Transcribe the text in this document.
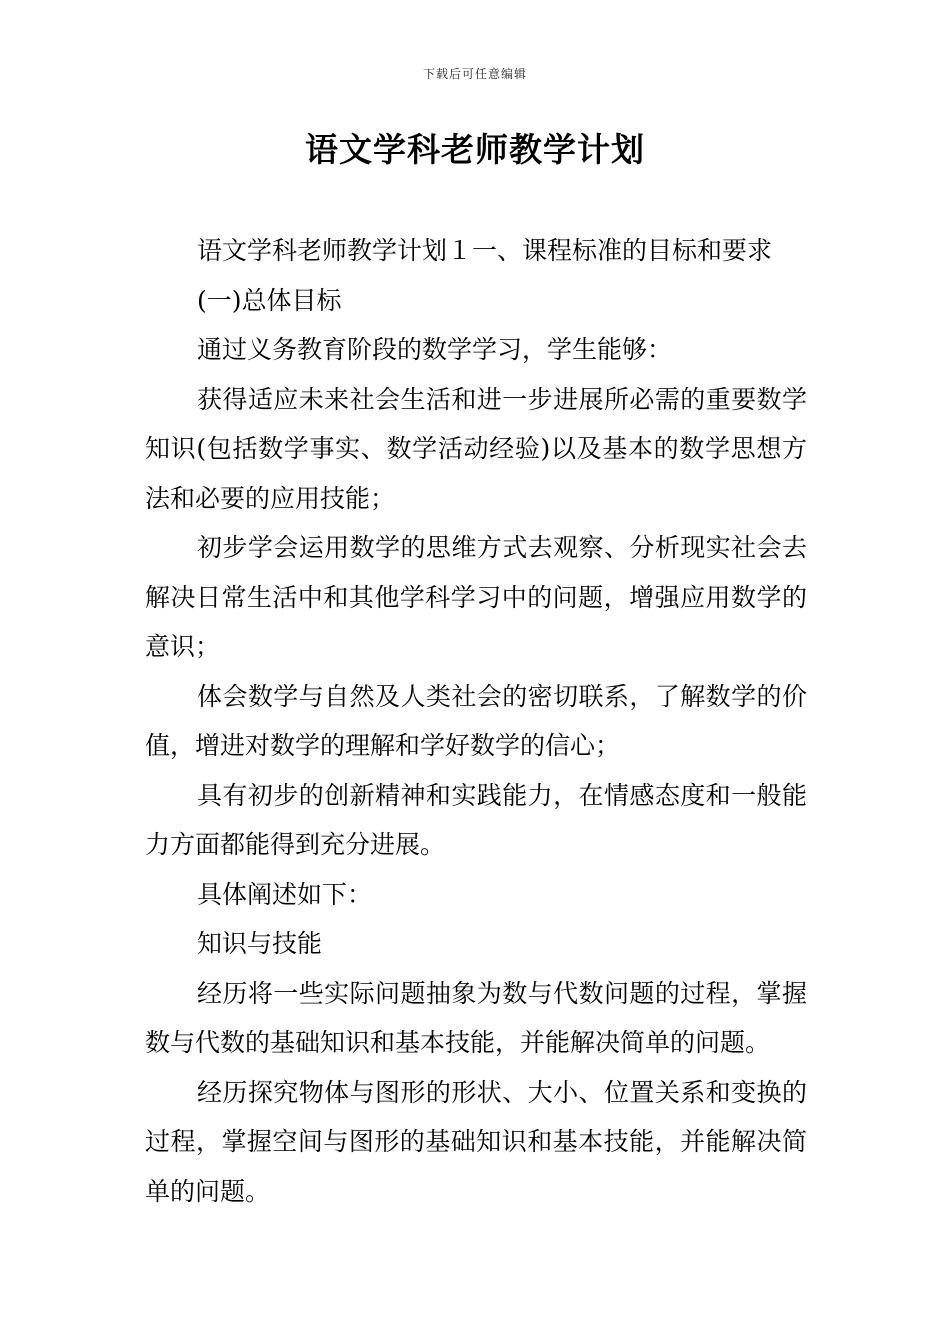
下载后可任意编辑
语文学科老师教学计划

语文学科老师教学计划１一、课程标准的目标和要求

(一)总体目标

通过义务教育阶段的数学学习，学生能够：

获得适应未来社会生活和进一步进展所必需的重要数学知识(包括数学事实、数学活动经验)以及基本的数学思想方法和必要的应用技能；

初步学会运用数学的思维方式去观察、分析现实社会去解决日常生活中和其他学科学习中的问题，增强应用数学的意识；

体会数学与自然及人类社会的密切联系，了解数学的价值，增进对数学的理解和学好数学的信心；

具有初步的创新精神和实践能力，在情感态度和一般能力方面都能得到充分进展。

具体阐述如下：

知识与技能

经历将一些实际问题抽象为数与代数问题的过程，掌握数与代数的基础知识和基本技能，并能解决简单的问题。

经历探究物体与图形的形状、大小、位置关系和变换的过程，掌握空间与图形的基础知识和基本技能，并能解决简单的问题。
